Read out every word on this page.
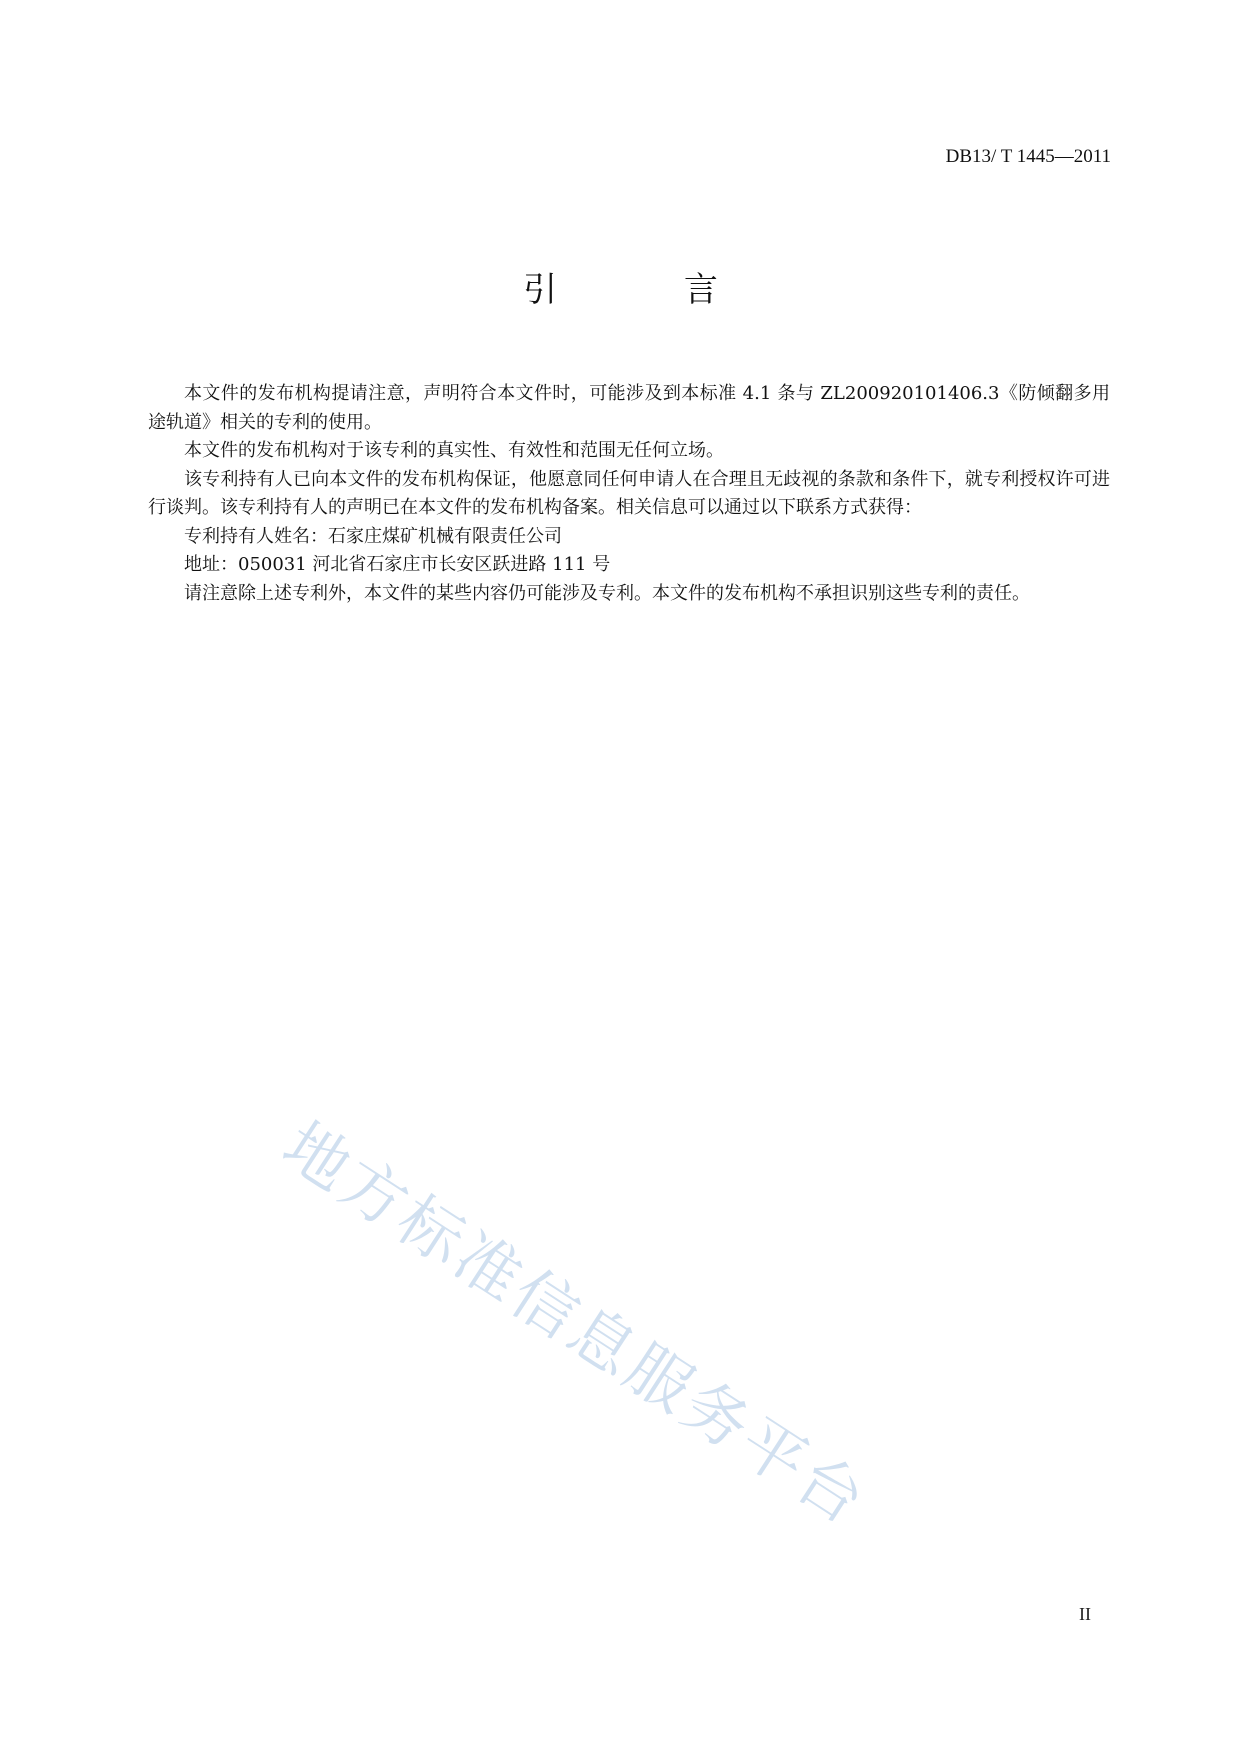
DB13/ T 1445—2011
引 言

本文件的发布机构提请注意，声明符合本文件时，可能涉及到本标准 4.1 条与 ZL200920101406.3《防倾翻多用途轨道》相关的专利的使用。

本文件的发布机构对于该专利的真实性、有效性和范围无任何立场。

该专利持有人已向本文件的发布机构保证，他愿意同任何申请人在合理且无歧视的条款和条件下，就专利授权许可进行谈判。该专利持有人的声明已在本文件的发布机构备案。相关信息可以通过以下联系方式获得：

专利持有人姓名：石家庄煤矿机械有限责任公司

地址：050031 河北省石家庄市长安区跃进路 111 号

请注意除上述专利外，本文件的某些内容仍可能涉及专利。本文件的发布机构不承担识别这些专利的责任。

地方标准信息服务平台
II
